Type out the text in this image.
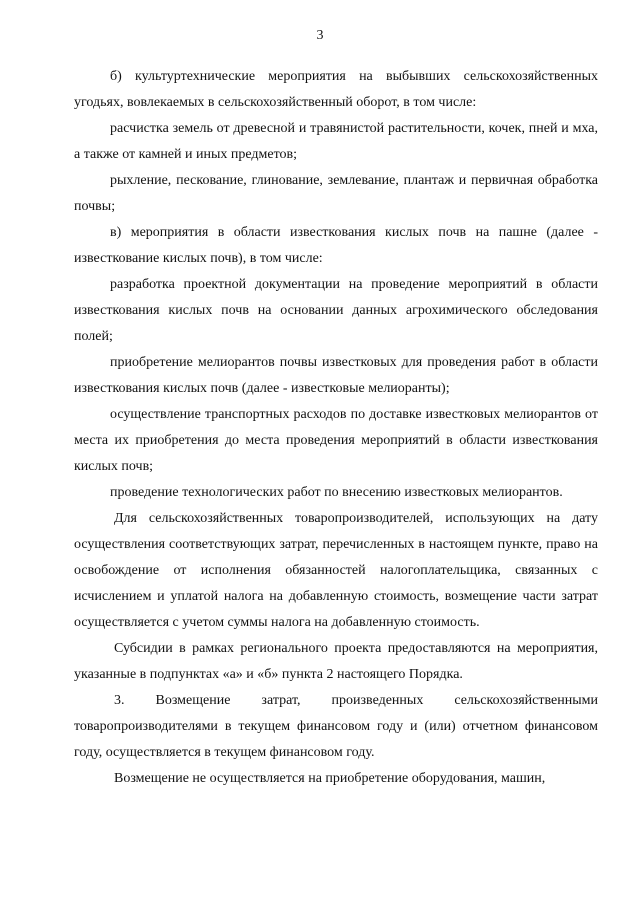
3

б) культуртехнические мероприятия на выбывших сельскохозяйственных угодьях, вовлекаемых в сельскохозяйственный оборот, в том числе:

расчистка земель от древесной и травянистой растительности, кочек, пней и мха, а также от камней и иных предметов;

рыхление, пескование, глинование, землевание, плантаж и первичная обработка почвы;

в) мероприятия в области известкования кислых почв на пашне (далее - известкование кислых почв), в том числе:

разработка проектной документации на проведение мероприятий в области известкования кислых почв на основании данных агрохимического обследования полей;

приобретение мелиорантов почвы известковых для проведения работ в области известкования кислых почв (далее - известковые мелиоранты);

осуществление транспортных расходов по доставке известковых мелиорантов от места их приобретения до места проведения мероприятий в области известкования кислых почв;

проведение технологических работ по внесению известковых мелиорантов.

Для сельскохозяйственных товаропроизводителей, использующих на дату осуществления соответствующих затрат, перечисленных в настоящем пункте, право на освобождение от исполнения обязанностей налогоплательщика, связанных с исчислением и уплатой налога на добавленную стоимость, возмещение части затрат осуществляется с учетом суммы налога на добавленную стоимость.

Субсидии в рамках регионального проекта предоставляются на мероприятия, указанные в подпунктах «а» и «б» пункта 2 настоящего Порядка.

3. Возмещение затрат, произведенных сельскохозяйственными товаропроизводителями в текущем финансовом году и (или) отчетном финансовом году, осуществляется в текущем финансовом году.

Возмещение не осуществляется на приобретение оборудования, машин,
